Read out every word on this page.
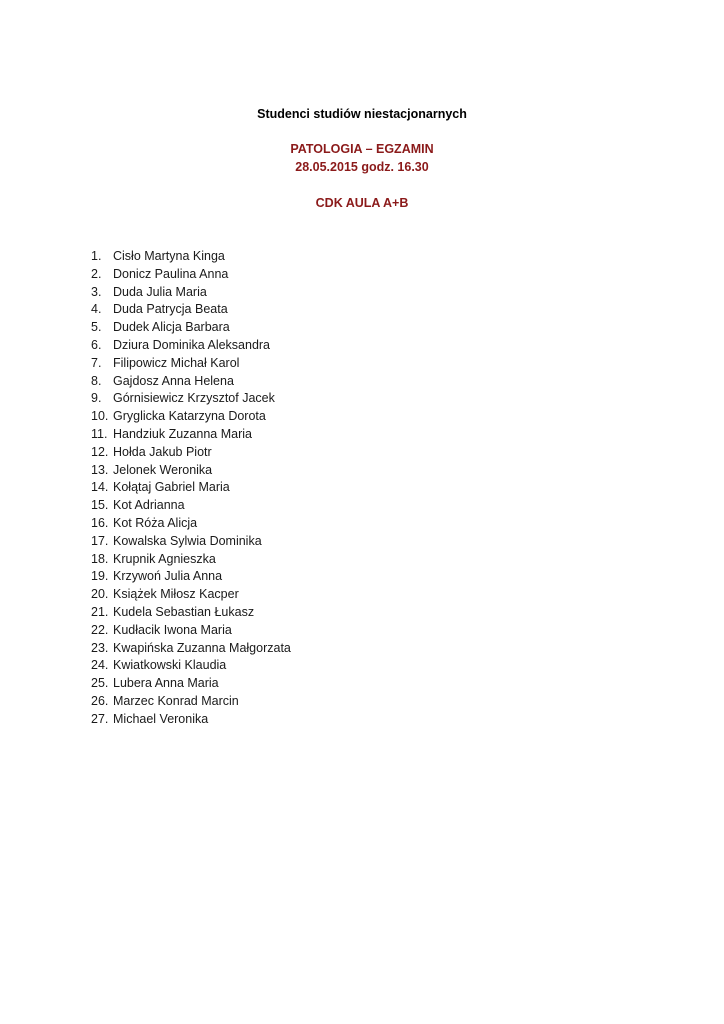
Studenci studiów niestacjonarnych
PATOLOGIA – EGZAMIN
28.05.2015 godz. 16.30
CDK AULA A+B
1. Cisło Martyna Kinga
2. Donicz Paulina Anna
3. Duda Julia Maria
4. Duda Patrycja Beata
5. Dudek Alicja Barbara
6. Dziura Dominika Aleksandra
7. Filipowicz Michał Karol
8. Gajdosz Anna Helena
9. Górnisiewicz Krzysztof Jacek
10. Gryglicka Katarzyna Dorota
11. Handziuk Zuzanna Maria
12. Hołda Jakub Piotr
13. Jelonek Weronika
14. Kołątaj Gabriel Maria
15. Kot Adrianna
16. Kot Róża Alicja
17. Kowalska Sylwia Dominika
18. Krupnik Agnieszka
19. Krzywoń Julia Anna
20. Książek Miłosz Kacper
21. Kudela Sebastian Łukasz
22. Kudłacik Iwona Maria
23. Kwapińska Zuzanna Małgorzata
24. Kwiatkowski Klaudia
25. Lubera Anna Maria
26. Marzec Konrad Marcin
27. Michael Veronika
